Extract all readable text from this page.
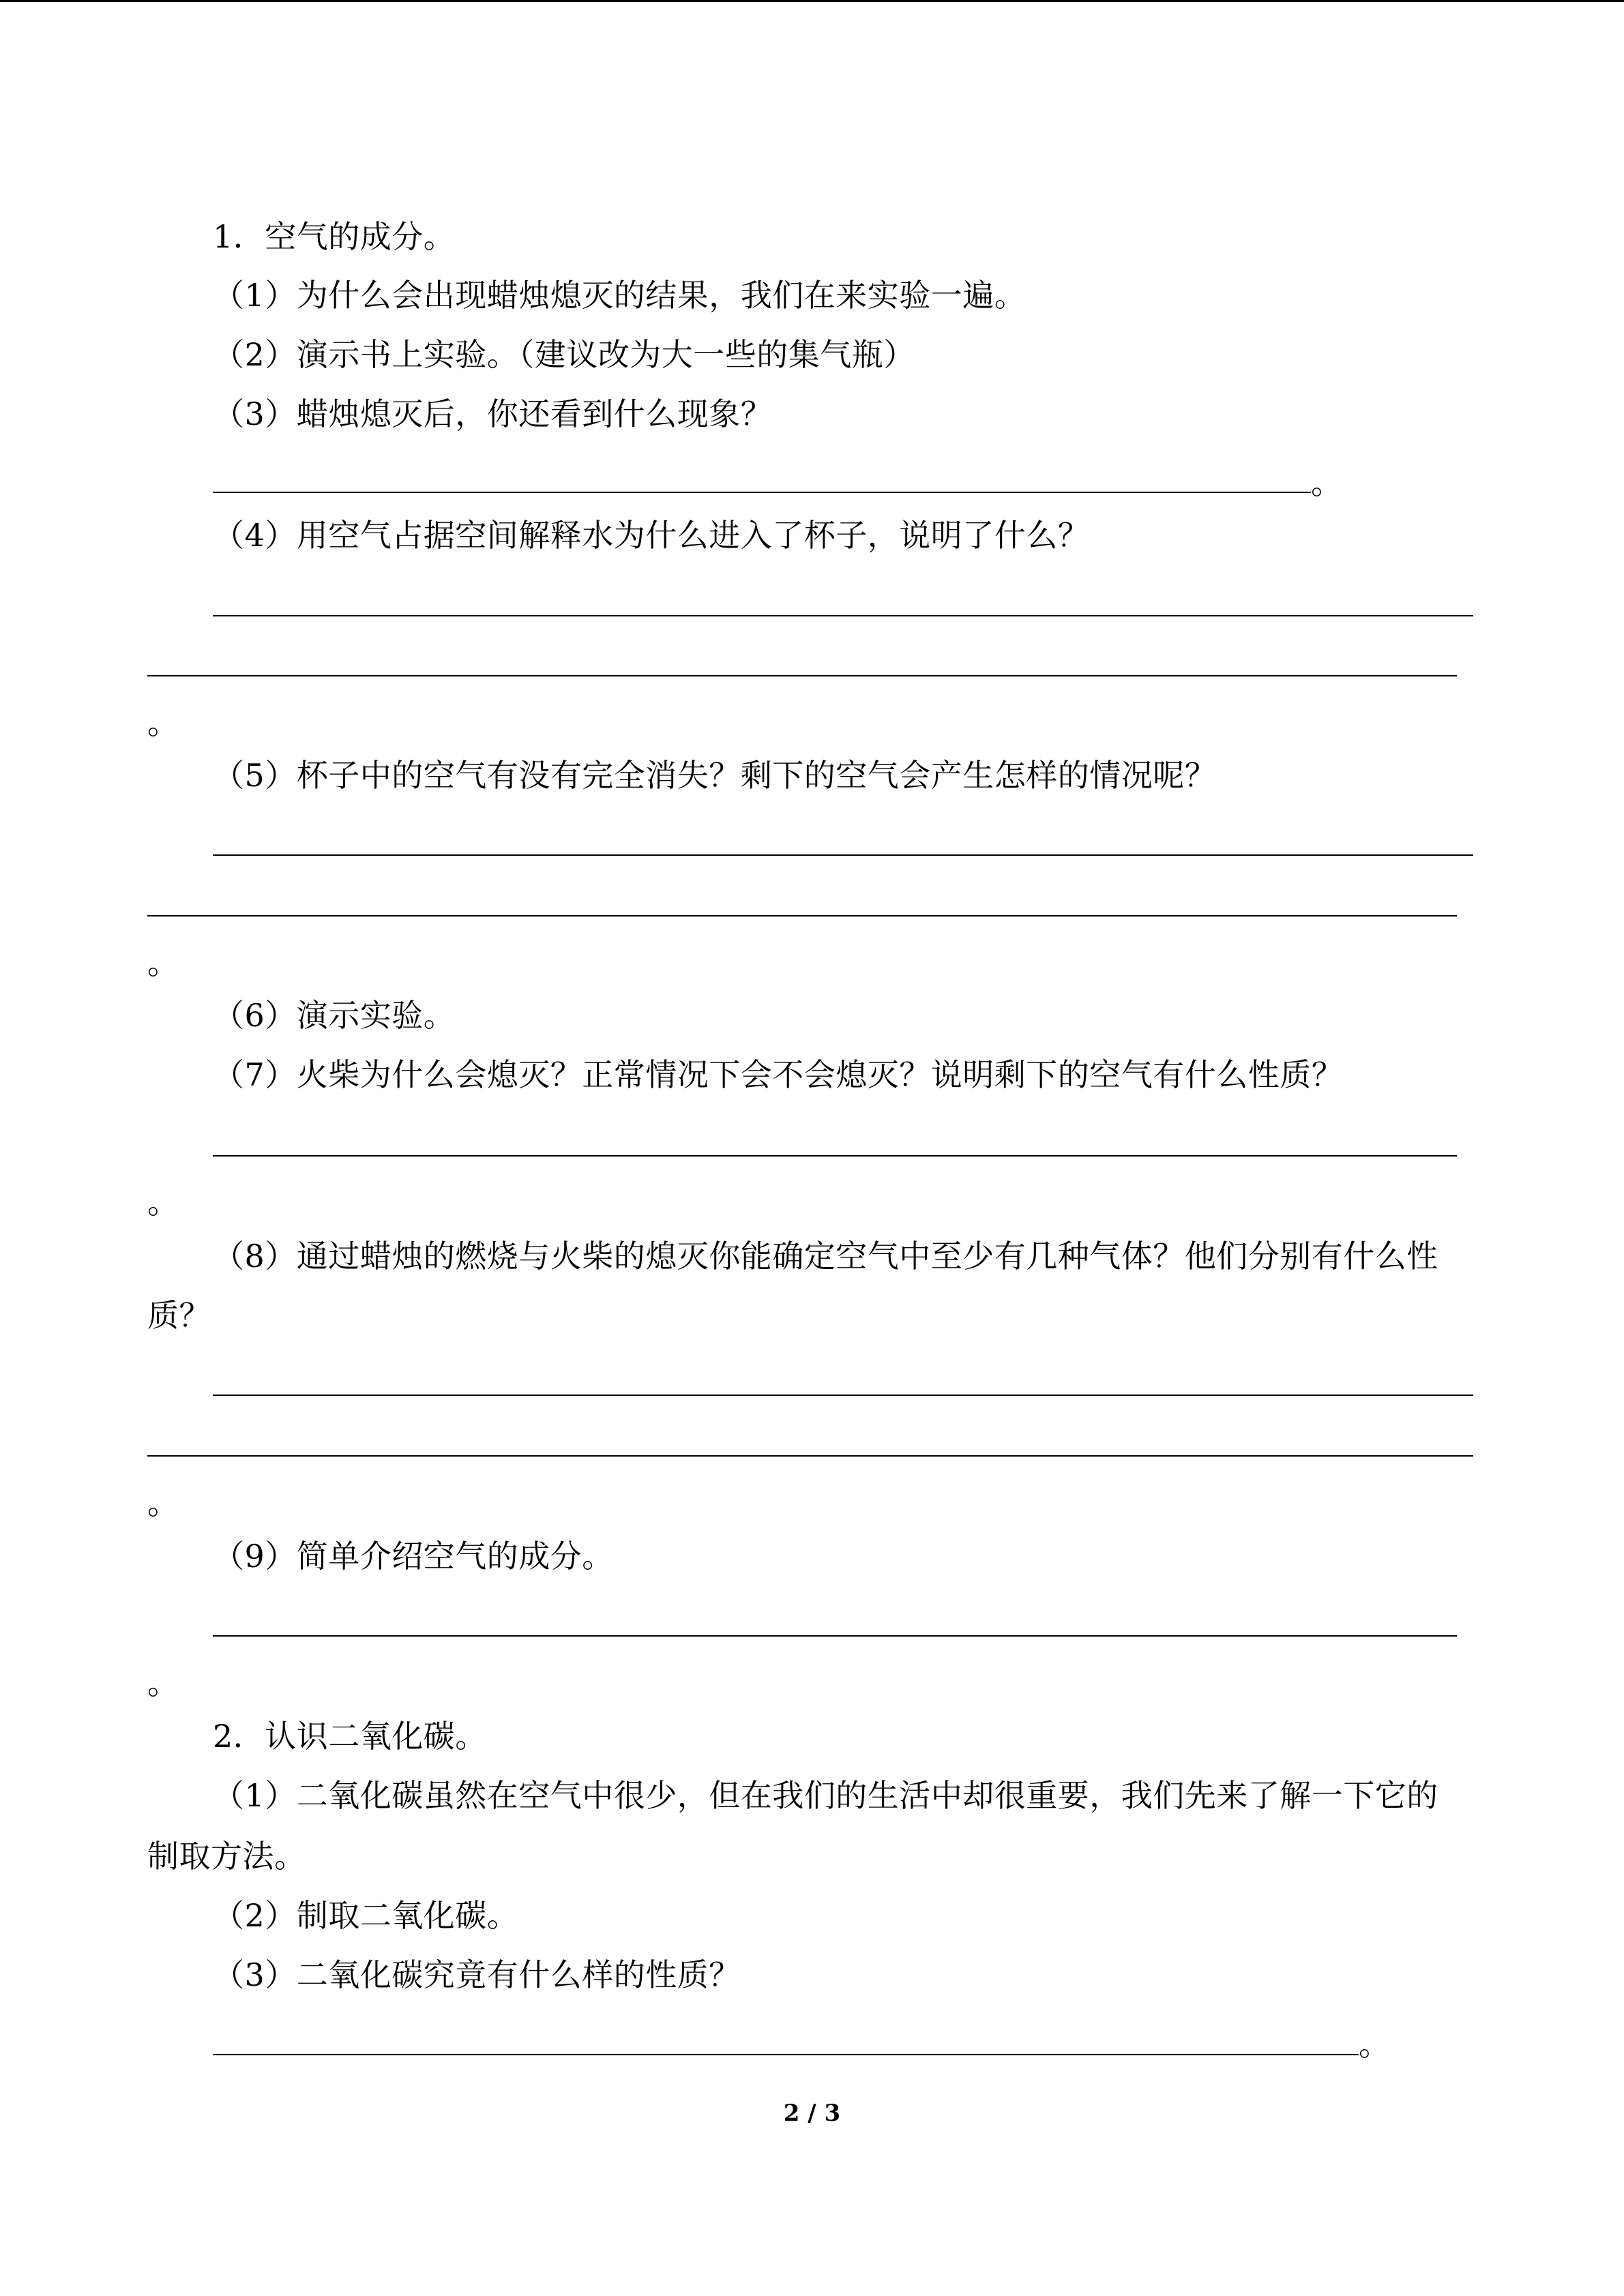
1．空气的成分。
（1）为什么会出现蜡烛熄灭的结果，我们在来实验一遍。
（2）演示书上实验。（建议改为大一些的集气瓶）
（3）蜡烛熄灭后，你还看到什么现象？
。
（4）用空气占据空间解释水为什么进入了杯子，说明了什么？
。
（5）杯子中的空气有没有完全消失？剩下的空气会产生怎样的情况呢？
。
（6）演示实验。
（7）火柴为什么会熄灭？正常情况下会不会熄灭？说明剩下的空气有什么性质？
。
（8）通过蜡烛的燃烧与火柴的熄灭你能确定空气中至少有几种气体？他们分别有什么性
质？
。
（9）简单介绍空气的成分。
。
2．认识二氧化碳。
（1）二氧化碳虽然在空气中很少，但在我们的生活中却很重要，我们先来了解一下它的
制取方法。
（2）制取二氧化碳。
（3）二氧化碳究竟有什么样的性质？
。
2 / 3
